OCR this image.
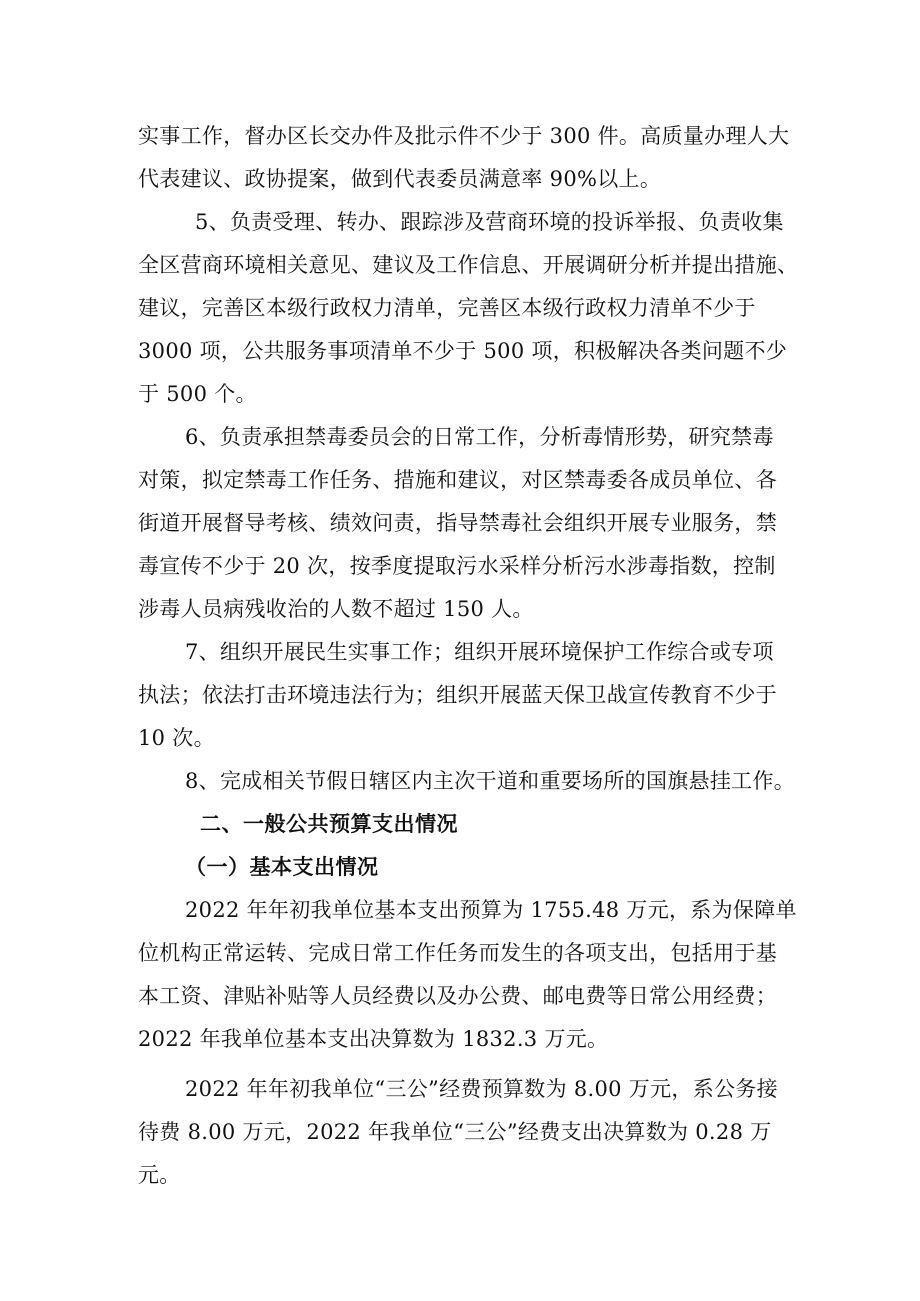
实事工作，督办区长交办件及批示件不少于 300 件。高质量办理人大
代表建议、政协提案，做到代表委员满意率 90%以上。
5、负责受理、转办、跟踪涉及营商环境的投诉举报、负责收集
全区营商环境相关意见、建议及工作信息、开展调研分析并提出措施、
建议，完善区本级行政权力清单，完善区本级行政权力清单不少于
3000 项，公共服务事项清单不少于 500 项，积极解决各类问题不少
于 500 个。
6、负责承担禁毒委员会的日常工作，分析毒情形势，研究禁毒
对策，拟定禁毒工作任务、措施和建议，对区禁毒委各成员单位、各
街道开展督导考核、绩效问责，指导禁毒社会组织开展专业服务，禁
毒宣传不少于 20 次，按季度提取污水采样分析污水涉毒指数，控制
涉毒人员病残收治的人数不超过 150 人。
7、组织开展民生实事工作；组织开展环境保护工作综合或专项
执法；依法打击环境违法行为；组织开展蓝天保卫战宣传教育不少于
10 次。
8、完成相关节假日辖区内主次干道和重要场所的国旗悬挂工作。
二、一般公共预算支出情况
（一）基本支出情况
2022 年年初我单位基本支出预算为 1755.48 万元，系为保障单
位机构正常运转、完成日常工作任务而发生的各项支出，包括用于基
本工资、津贴补贴等人员经费以及办公费、邮电费等日常公用经费；
2022 年我单位基本支出决算数为 1832.3 万元。
2022 年年初我单位“三公”经费预算数为 8.00 万元，系公务接
待费 8.00 万元，2022 年我单位“三公”经费支出决算数为 0.28 万
元。
